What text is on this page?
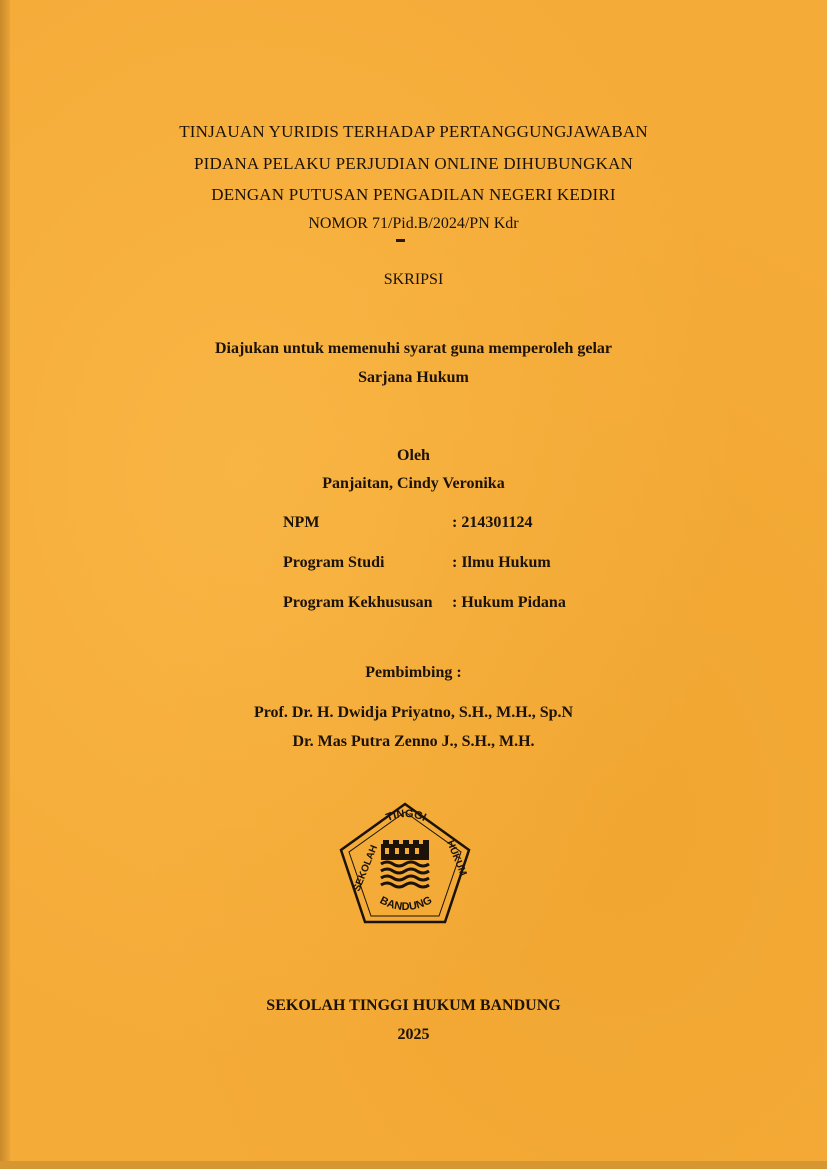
TINJAUAN YURIDIS TERHADAP PERTANGGUNGJAWABAN
PIDANA PELAKU PERJUDIAN ONLINE DIHUBUNGKAN
DENGAN PUTUSAN PENGADILAN NEGERI KEDIRI
NOMOR 71/Pid.B/2024/PN Kdr
SKRIPSI
Diajukan untuk memenuhi syarat guna memperoleh gelar
Sarjana Hukum
Oleh
Panjaitan, Cindy Veronika
NPM	: 214301124
Program Studi	: Ilmu Hukum
Program Kekhususan : Hukum Pidana
Pembimbing :
Prof. Dr. H. Dwidja Priyatno, S.H., M.H., Sp.N
Dr. Mas Putra Zenno J., S.H., M.H.
TINGGI
SEKOLAH	HUKUM
BANDUNG
SEKOLAH TINGGI HUKUM BANDUNG
2025
